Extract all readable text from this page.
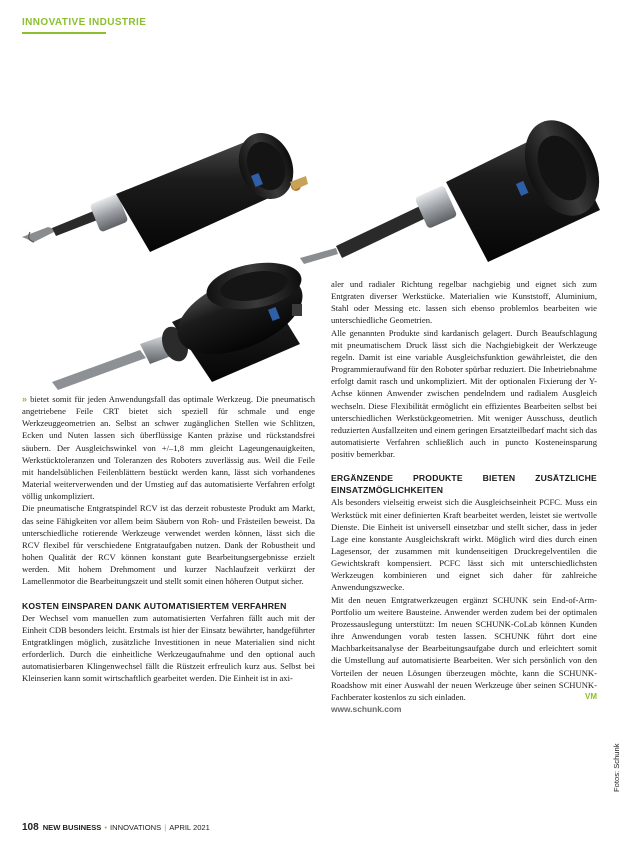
INNOVATIVE INDUSTRIE

» bietet somit für jeden Anwendungsfall das optimale Werkzeug. Die pneumatisch angetriebene Feile CRT bietet sich speziell für schmale und enge Werkzeuggeometrien an. Selbst an schwer zugänglichen Stellen wie Schlitzen, Ecken und Nuten lassen sich überflüssige Kanten präzise und rückstandsfrei säubern. Der Ausgleichswinkel von +/–1,8 mm gleicht Lageungenauigkeiten, Werkstücktoleranzen und Toleranzen des Roboters zuverlässig aus. Weil die Feile mit handelsüblichen Feilenblättern bestückt werden kann, lässt sich vorhandenes Material weiterverwenden und der Umstieg auf das automatisierte Verfahren erfolgt völlig unkompliziert.

Die pneumatische Entgratspindel RCV ist das derzeit robusteste Produkt am Markt, das seine Fähigkeiten vor allem beim Säubern von Roh- und Frästeilen beweist. Da unterschiedliche rotierende Werkzeuge verwendet werden können, lässt sich die RCV flexibel für verschiedene Entgrataufgaben nutzen. Dank der Robustheit und hohen Qualität der RCV können konstant gute Bearbeitungsergebnisse erzielt werden. Mit hohem Drehmoment und kurzer Nachlaufzeit verkürzt der Lamellenmotor die Bearbeitungszeit und stellt somit einen höheren Output sicher.

KOSTEN EINSPAREN DANK AUTOMATISIERTEM VERFAHREN

Der Wechsel vom manuellen zum automatisierten Verfahren fällt auch mit der Einheit CDB besonders leicht. Erstmals ist hier der Einsatz bewährter, handgeführter Entgratklingen möglich, zusätzliche Investitionen in neue Materialien sind nicht erforderlich. Durch die einheitliche Werkzeugaufnahme und den optional auch automatisierbaren Klingenwechsel fällt die Rüstzeit erfreulich kurz aus. Selbst bei Kleinserien kann somit wirtschaftlich gearbeitet werden. Die Einheit ist in axi-

aler und radialer Richtung regelbar nachgiebig und eignet sich zum Entgraten diverser Werkstücke. Materialien wie Kunststoff, Aluminium, Stahl oder Messing etc. lassen sich ebenso problemlos bearbeiten wie unterschiedliche Geometrien.

Alle genannten Produkte sind kardanisch gelagert. Durch Beaufschlagung mit pneumatischem Druck lässt sich die Nachgiebigkeit der Werkzeuge regeln. Damit ist eine variable Ausgleichsfunktion gewährleistet, die den Programmieraufwand für den Roboter spürbar reduziert. Die Inbetriebnahme erfolgt damit rasch und unkompliziert. Mit der optionalen Fixierung der Y-Achse können Anwender zwischen pendelndem und radialem Ausgleich wechseln. Diese Flexibilität ermöglicht ein effizientes Bearbeiten selbst bei unterschiedlichen Werkstückgeometrien. Mit weniger Ausschuss, deutlich reduzierten Ausfallzeiten und einem geringen Ersatzteilbedarf macht sich das automatisierte Verfahren schließlich auch in puncto Kosteneinsparung positiv bemerkbar.

ERGÄNZENDE PRODUKTE BIETEN ZUSÄTZLICHE EINSATZMÖGLICHKEITEN

Als besonders vielseitig erweist sich die Ausgleichseinheit PCFC. Muss ein Werkstück mit einer definierten Kraft bearbeitet werden, leistet sie wertvolle Dienste. Die Einheit ist universell einsetzbar und stellt sicher, dass in jeder Lage eine konstante Ausgleichskraft wirkt. Möglich wird dies durch einen Lagesensor, der zusammen mit kundenseitigen Druckregelventilen die Gewichtskraft kompensiert. PCFC lässt sich mit unterschiedlichsten Werkzeugen kombinieren und eignet sich daher für zahlreiche Anwendungszwecke.

Mit den neuen Entgratwerkzeugen ergänzt SCHUNK sein End-of-Arm-Portfolio um weitere Bausteine. Anwender werden zudem bei der optimalen Prozessauslegung unterstützt: Im neuen SCHUNK-CoLab können Kunden ihre Anwendungen vorab testen lassen. SCHUNK führt dort eine Machbarkeitsanalyse der Bearbeitungsaufgabe durch und erleichtert somit die Umstellung auf automatisierte Bearbeiten. Wer sich persönlich von den Vorteilen der neuen Lösungen überzeugen möchte, kann die SCHUNK-Roadshow mit einer Auswahl der neuen Werkzeuge über seinen SCHUNK-Fachberater kostenlos zu sich einladen.	VM

www.schunk.com

108 NEW BUSINESS • INNOVATIONS | APRIL 2021
Fotos: Schunk
